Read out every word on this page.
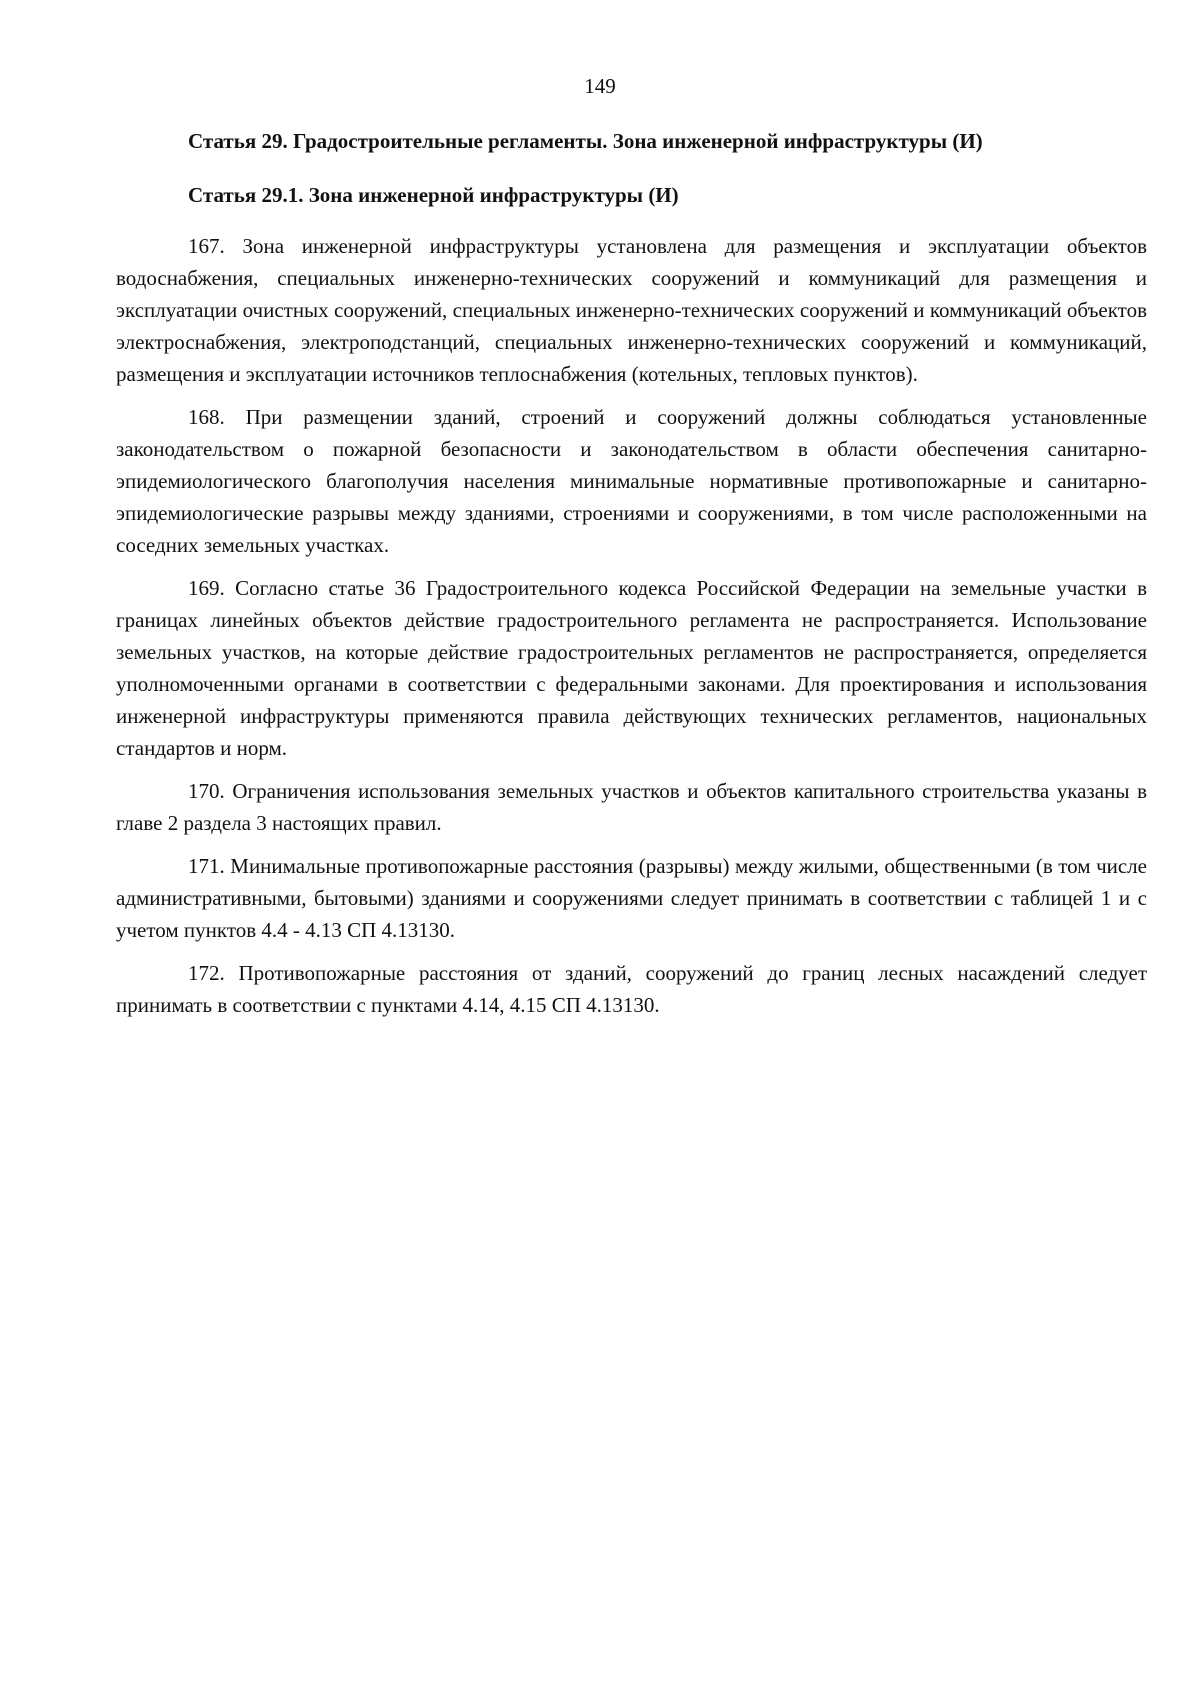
149

Статья 29. Градостроительные регламенты. Зона инженерной инфраструктуры (И)

Статья 29.1. Зона инженерной инфраструктуры (И)

167. Зона инженерной инфраструктуры установлена для размещения и эксплуатации объектов водоснабжения, специальных инженерно-технических сооружений и коммуникаций для размещения и эксплуатации очистных сооружений, специальных инженерно-технических сооружений и коммуникаций объектов электроснабжения, электроподстанций, специальных инженерно-технических сооружений и коммуникаций, размещения и эксплуатации источников теплоснабжения (котельных, тепловых пунктов).

168. При размещении зданий, строений и сооружений должны соблюдаться установленные законодательством о пожарной безопасности и законодательством в области обеспечения санитарно-эпидемиологического благополучия населения минимальные нормативные противопожарные и санитарно-эпидемиологические разрывы между зданиями, строениями и сооружениями, в том числе расположенными на соседних земельных участках.

169. Согласно статье 36 Градостроительного кодекса Российской Федерации на земельные участки в границах линейных объектов действие градостроительного регламента не распространяется. Использование земельных участков, на которые действие градостроительных регламентов не распространяется, определяется уполномоченными органами в соответствии с федеральными законами. Для проектирования и использования инженерной инфраструктуры применяются правила действующих технических регламентов, национальных стандартов и норм.

170. Ограничения использования земельных участков и объектов капитального строительства указаны в главе 2 раздела 3 настоящих правил.

171. Минимальные противопожарные расстояния (разрывы) между жилыми, общественными (в том числе административными, бытовыми) зданиями и сооружениями следует принимать в соответствии с таблицей 1 и с учетом пунктов 4.4 - 4.13 СП 4.13130.

172. Противопожарные расстояния от зданий, сооружений до границ лесных насаждений следует принимать в соответствии с пунктами 4.14, 4.15 СП 4.13130.
